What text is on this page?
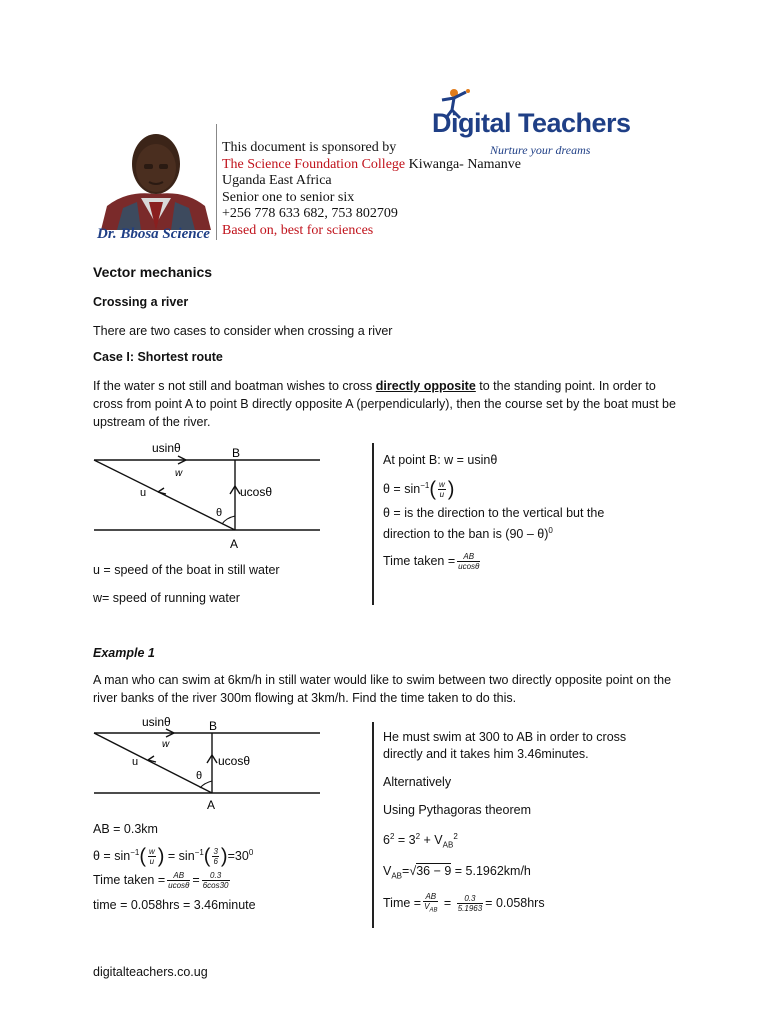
Dr. Bbosa Science
This document is sponsored by
The Science Foundation College Kiwanga- Namanve
Uganda East Africa
Senior one to senior six
+256 778 633 682, 753 802709
Based on, best for sciences
Digital Teachers
Nurture your dreams
Vector mechanics
Crossing a river
There are two cases to consider when crossing a river
Case I: Shortest route
If the water s not still and boatman wishes to cross directly opposite to the standing point. In order to cross from point A to point B directly opposite A (perpendicularly), then the course set by the boat must be upstream of the river.
usinθ
w
u	ucosθ
θ
B
A
u = speed of the boat in still water
w= speed of running water
At point B: w = usinθ
$\theta = \sin^{-1}( \frac{w}{u}$ )
θ = is the direction to the vertical but the direction to the ban is (90 – θ)$^0$
Time taken = $\frac{AB}{ucos\theta}$
Example 1
A man who can swim at 6km/h in still water would like to swim between two directly opposite point on the river banks of the river 300m flowing at 3km/h. Find the time taken to do this.
usinθ
w
u	ucosθ
θ
B
A
AB = 0.3km
$\theta = \sin^{-1}( \frac{w}{u}$ ) = $\sin^{-1}( \frac{3}{6} )=30^0$
Time taken = $\frac{AB}{ucos\theta} = \frac{0.3}{6\cos 30}$
time = 0.058hrs = 3.46minute
He must swim at 300 to AB in order to cross directly and it takes him 3.46minutes.
Alternatively
Using Pythagoras theorem
$6^2 = 3^2 + V_{AB}^2$
$V_{AB}=√36 - 9 = 5.1962km/h$
Time = $\frac{AB}{V_{AB}} = \frac{0.3}{5.1963} = 0.058hrs$
digitalteachers.co.ug
